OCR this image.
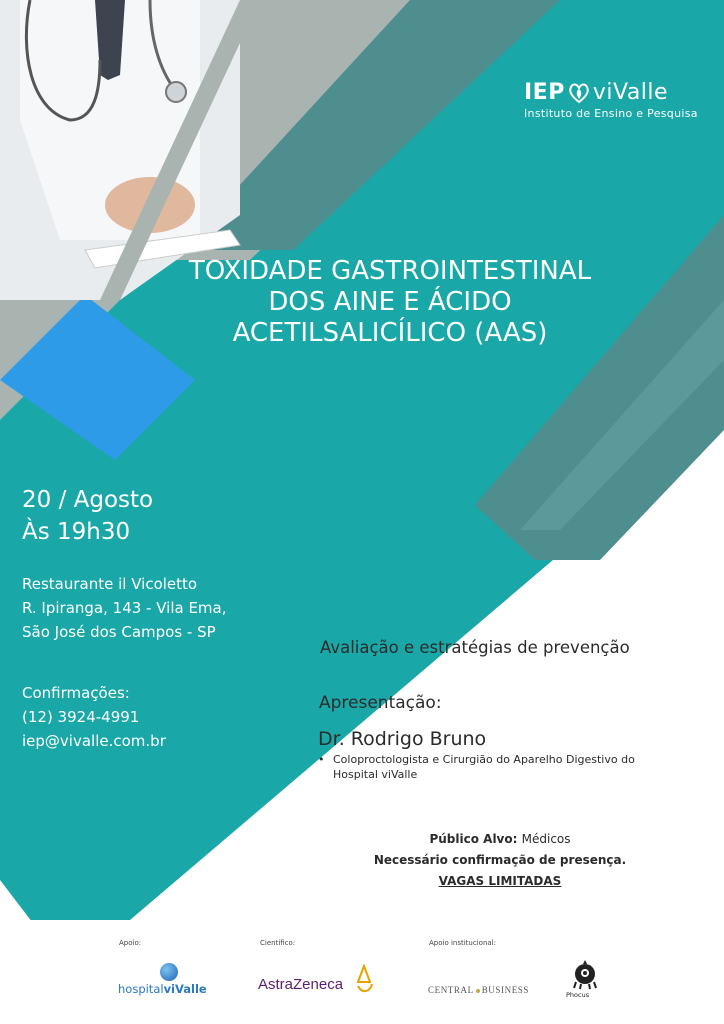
IEP viValle
Instituto de Ensino e Pesquisa
TOXIDADE GASTROINTESTINAL
DOS AINE E ÁCIDO
ACETILSALICÍLICO (AAS)
20 / Agosto
Às 19h30
Restaurante il Vicoletto
R. Ipiranga, 143 - Vila Ema,
São José dos Campos - SP
Confirmações:
(12) 3924-4991
iep@vivalle.com.br
Avaliação e estratégias de prevenção
Apresentação:
Dr. Rodrigo Bruno
• Coloproctologista e Cirurgião do Aparelho Digestivo do
Hospital viValle
Público Alvo: Médicos
Necessário confirmação de presença.
VAGAS LIMITADAS
Apoio:	Científico:	Apoio institucional:
hospitalviValle	AstraZeneca	CENTRAL BUSINESS	Phocus
